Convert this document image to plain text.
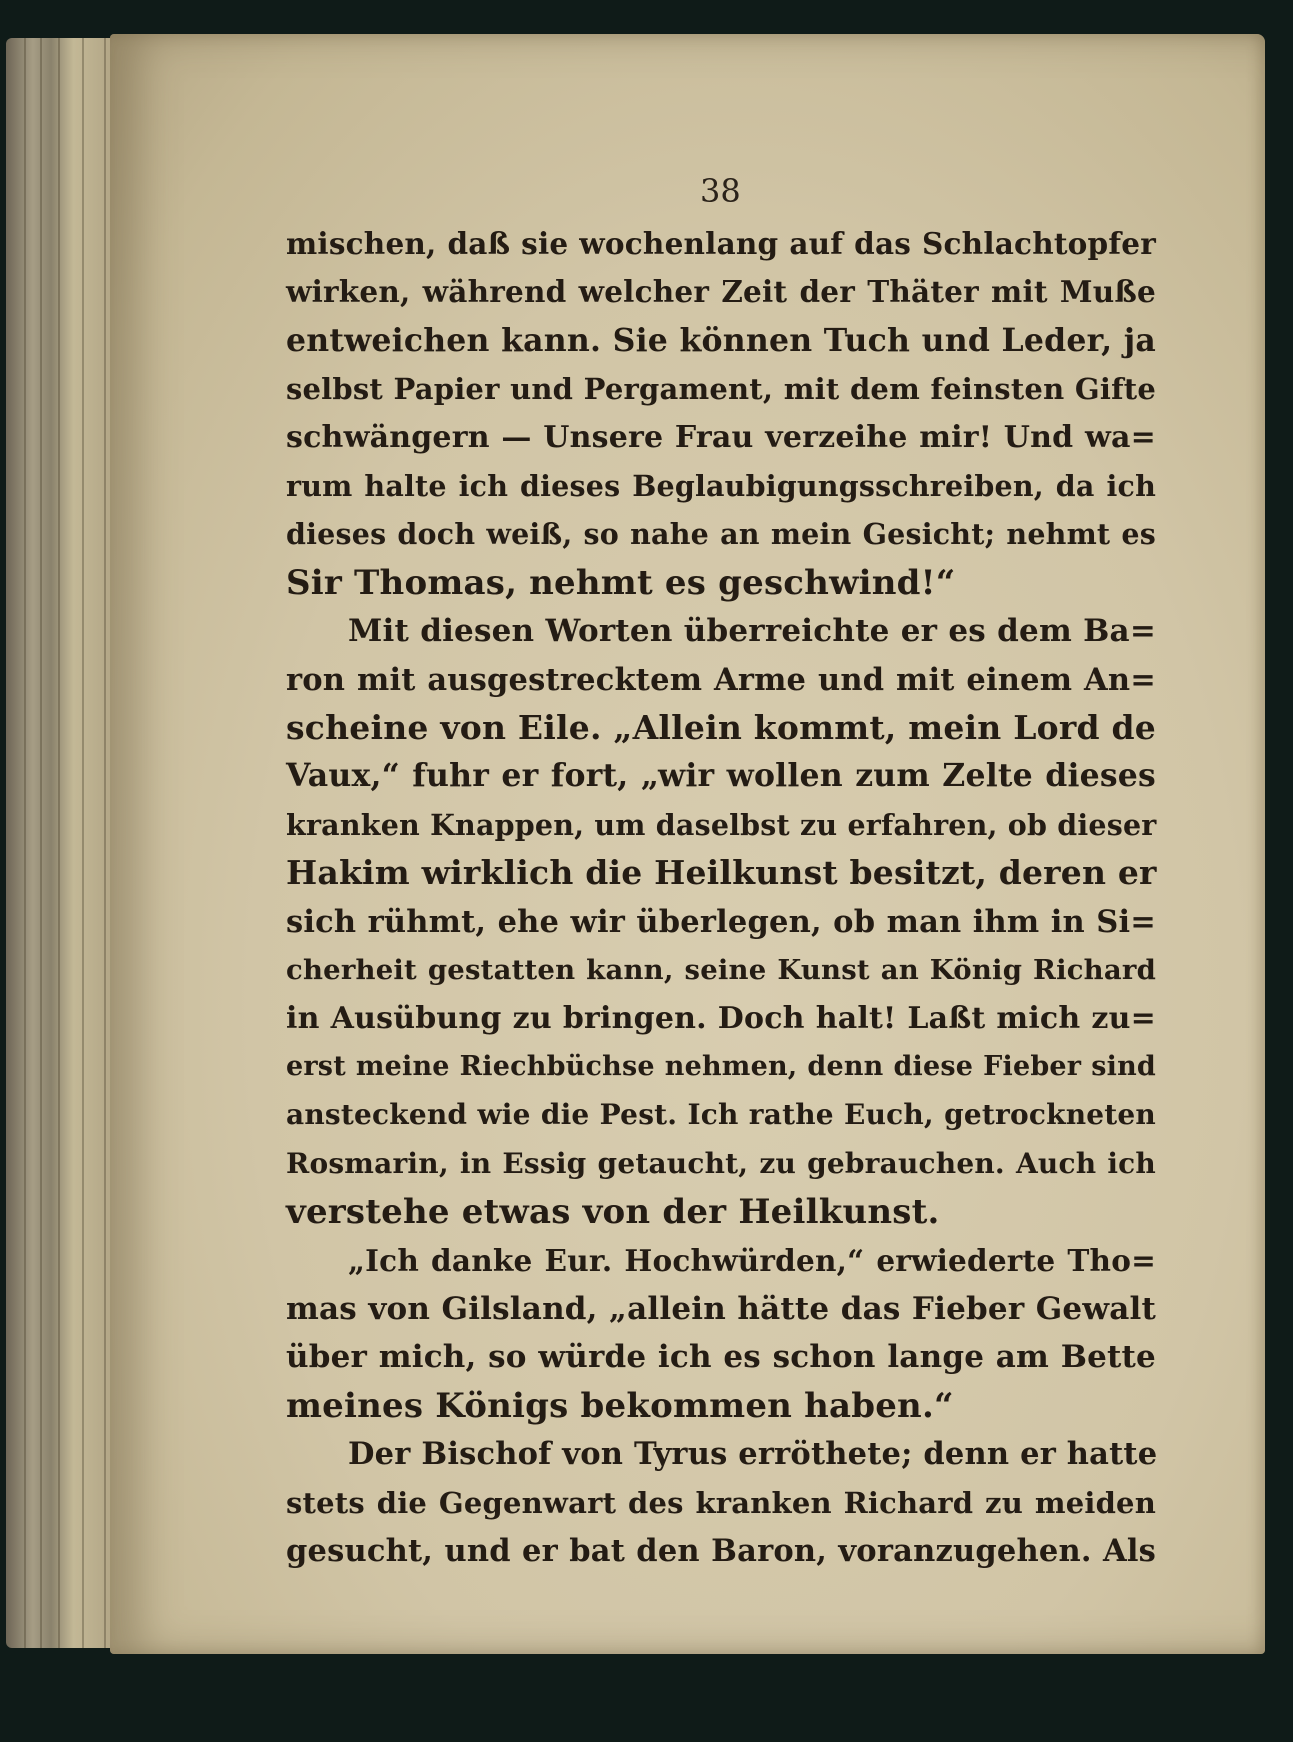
38
mischen, daß sie wochenlang auf das Schlachtopfer
wirken, während welcher Zeit der Thäter mit Muße
entweichen kann. Sie können Tuch und Leder, ja
selbst Papier und Pergament, mit dem feinsten Gifte
schwängern — Unsere Frau verzeihe mir! Und wa=
rum halte ich dieses Beglaubigungsschreiben, da ich
dieses doch weiß, so nahe an mein Gesicht; nehmt es
Sir Thomas, nehmt es geschwind!“
Mit diesen Worten überreichte er es dem Ba=
ron mit ausgestrecktem Arme und mit einem An=
scheine von Eile. „Allein kommt, mein Lord de
Vaux,“ fuhr er fort, „wir wollen zum Zelte dieses
kranken Knappen, um daselbst zu erfahren, ob dieser
Hakim wirklich die Heilkunst besitzt, deren er
sich rühmt, ehe wir überlegen, ob man ihm in Si=
cherheit gestatten kann, seine Kunst an König Richard
in Ausübung zu bringen. Doch halt! Laßt mich zu=
erst meine Riechbüchse nehmen, denn diese Fieber sind
ansteckend wie die Pest. Ich rathe Euch, getrockneten
Rosmarin, in Essig getaucht, zu gebrauchen. Auch ich
verstehe etwas von der Heilkunst.
„Ich danke Eur. Hochwürden,“ erwiederte Tho=
mas von Gilsland, „allein hätte das Fieber Gewalt
über mich, so würde ich es schon lange am Bette
meines Königs bekommen haben.“
Der Bischof von Tyrus erröthete; denn er hatte
stets die Gegenwart des kranken Richard zu meiden
gesucht, und er bat den Baron, voranzugehen. Als
